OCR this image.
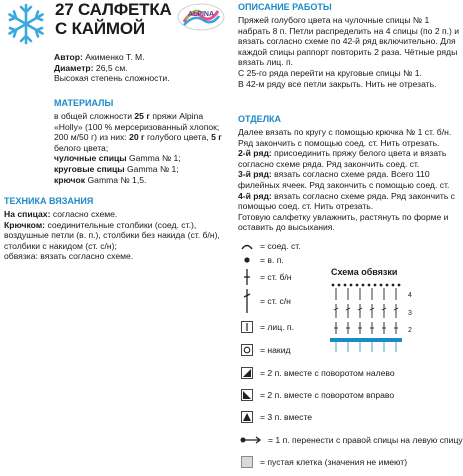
27 САЛФЕТКА
С КАЙМОЙ
ALPINA

Автор: Акименко Т. М.

Диаметр: 26,5 см.

Высокая степень сложности.

МАТЕРИАЛЫ

в общей сложности 25 г пряжи Alpina «Holly» (100 % мерсеризованный хлопок; 200 м/50 г) из них: 20 г голубого цвета, 5 г белого цвета;

чулочные спицы Gamma № 1;

круговые спицы Gamma № 1;

крючок Gamma № 1,5.

ТЕХНИКА ВЯЗАНИЯ

На спицах: согласно схеме.

Крючком: соединительные столбики (соед. ст.), воздушные петли (в. п.), столбики без накида (ст. б/н), столбики с накидом (ст. с/н);

обвязка: вязать согласно схеме.

ОПИСАНИЕ РАБОТЫ

Пряжей голубого цвета на чулочные спицы № 1 набрать 8 п. Петли распределить на 4 спицы (по 2 п.) и вязать согласно схеме по 42-й ряд включительно. Для каждой спицы раппорт повторить 2 раза. Чётные ряды вязать лиц. п.

С 25-го ряда перейти на круговые спицы № 1.

В 42-м ряду все петли закрыть. Нить не отрезать.

ОТДЕЛКА

Далее вязать по кругу с помощью крючка № 1 ст. б/н. Ряд закончить с помощью соед. ст. Нить отрезать.

2-й ряд: присоединить пряжу белого цвета и вязать согласно схеме ряда. Ряд закончить соед. ст.

3-й ряд: вязать согласно схеме ряда. Всего 110 филейных ячеек. Ряд закончить с помощью соед. ст.

4-й ряд: вязать согласно схеме ряда. Ряд закончить с помощью соед. ст. Нить отрезать.

Готовую салфетку увлажнить, растянуть по форме и оставить до высыхания.

= соед. ст.
= в. п.
= ст. б/н
= ст. с/н
= лиц. п.
= накид
= 2 п. вместе с поворотом налево
= 2 п. вместе с поворотом вправо
= 3 п. вместе
= 1 п. перенести с правой спицы на левую спицу
= пустая клетка (значения не имеют)
Схема обвязки
4
3
2
